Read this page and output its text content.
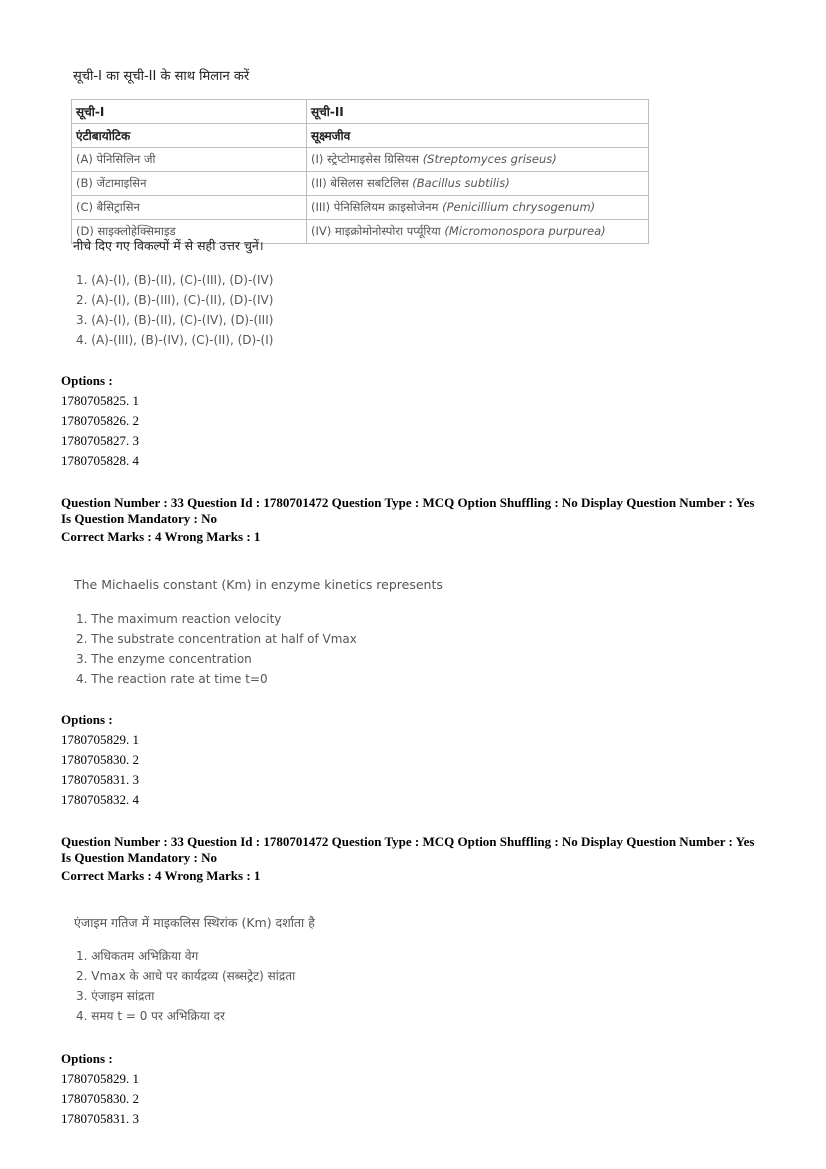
सूची-I का सूची-II के साथ मिलान करें
सूची-I	सूची-II
एंटीबायोटिक	सूक्ष्मजीव
(A) पेनिसिलिन जी	(I) स्ट्रेप्टोमाइसेस ग्रिसियस (Streptomyces griseus)
(B) जेंटामाइसिन	(II) बेसिलस सबटिलिस (Bacillus subtilis)
(C) बैसिट्रासिन	(III) पेनिसिलियम क्राइसोजेनम (Penicillium chrysogenum)
(D) साइक्लोहेक्सिमाइड	(IV) माइक्रोमोनोस्पोरा पर्प्यूरिया (Micromonospora purpurea)
नीचे दिए गए विकल्पों में से सही उत्तर चुनें।
1. (A)-(I), (B)-(II), (C)-(III), (D)-(IV)
2. (A)-(I), (B)-(III), (C)-(II), (D)-(IV)
3. (A)-(I), (B)-(II), (C)-(IV), (D)-(III)
4. (A)-(III), (B)-(IV), (C)-(II), (D)-(I)
Options :
1780705825. 1
1780705826. 2
1780705827. 3
1780705828. 4
Question Number : 33 Question Id : 1780701472 Question Type : MCQ Option Shuffling : No Display Question Number : Yes
Is Question Mandatory : No
Correct Marks : 4 Wrong Marks : 1
The Michaelis constant (Km) in enzyme kinetics represents
1. The maximum reaction velocity
2. The substrate concentration at half of Vmax
3. The enzyme concentration
4. The reaction rate at time t=0
Options :
1780705829. 1
1780705830. 2
1780705831. 3
1780705832. 4
Question Number : 33 Question Id : 1780701472 Question Type : MCQ Option Shuffling : No Display Question Number : Yes
Is Question Mandatory : No
Correct Marks : 4 Wrong Marks : 1
एंजाइम गतिज में माइकलिस स्थिरांक (Km) दर्शाता है
1. अधिकतम अभिक्रिया वेग
2. Vmax के आधे पर कार्यद्रव्य (सब्सट्रेट) सांद्रता
3. एंजाइम सांद्रता
4. समय t = 0 पर अभिक्रिया दर
Options :
1780705829. 1
1780705830. 2
1780705831. 3
